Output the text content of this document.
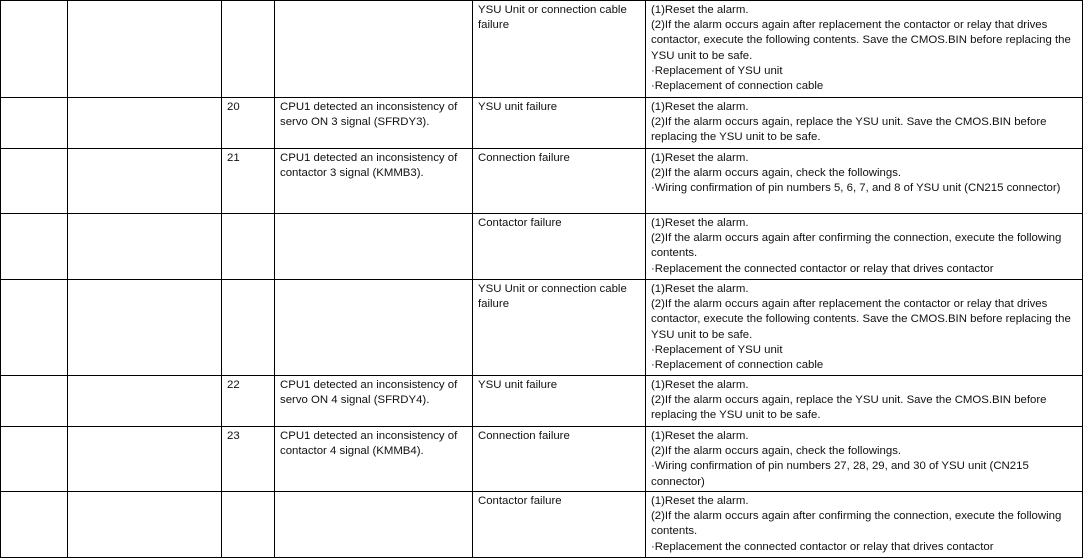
				YSU Unit or connection cable failure	(1)Reset the alarm.
(2)If the alarm occurs again after replacement the contactor or relay that drives contactor, execute the following contents. Save the CMOS.BIN before replacing the YSU unit to be safe.
·Replacement of YSU unit
·Replacement of connection cable

		20	CPU1 detected an inconsistency of servo ON 3 signal (SFRDY3).	YSU unit failure	(1)Reset the alarm.
(2)If the alarm occurs again, replace the YSU unit. Save the CMOS.BIN before replacing the YSU unit to be safe.

		21	CPU1 detected an inconsistency of contactor 3 signal (KMMB3).	Connection failure	(1)Reset the alarm.
(2)If the alarm occurs again, check the followings.
·Wiring confirmation of pin numbers 5, 6, 7, and 8 of YSU unit (CN215 connector)

				Contactor failure	(1)Reset the alarm.
(2)If the alarm occurs again after confirming the connection, execute the following contents.
·Replacement the connected contactor or relay that drives contactor

				YSU Unit or connection cable failure	(1)Reset the alarm.
(2)If the alarm occurs again after replacement the contactor or relay that drives contactor, execute the following contents. Save the CMOS.BIN before replacing the YSU unit to be safe.
·Replacement of YSU unit
·Replacement of connection cable

		22	CPU1 detected an inconsistency of servo ON 4 signal (SFRDY4).	YSU unit failure	(1)Reset the alarm.
(2)If the alarm occurs again, replace the YSU unit. Save the CMOS.BIN before replacing the YSU unit to be safe.

		23	CPU1 detected an inconsistency of contactor 4 signal (KMMB4).	Connection failure	(1)Reset the alarm.
(2)If the alarm occurs again, check the followings.
·Wiring confirmation of pin numbers 27, 28, 29, and 30 of YSU unit (CN215 connector)

				Contactor failure	(1)Reset the alarm.
(2)If the alarm occurs again after confirming the connection, execute the following contents.
·Replacement the connected contactor or relay that drives contactor
